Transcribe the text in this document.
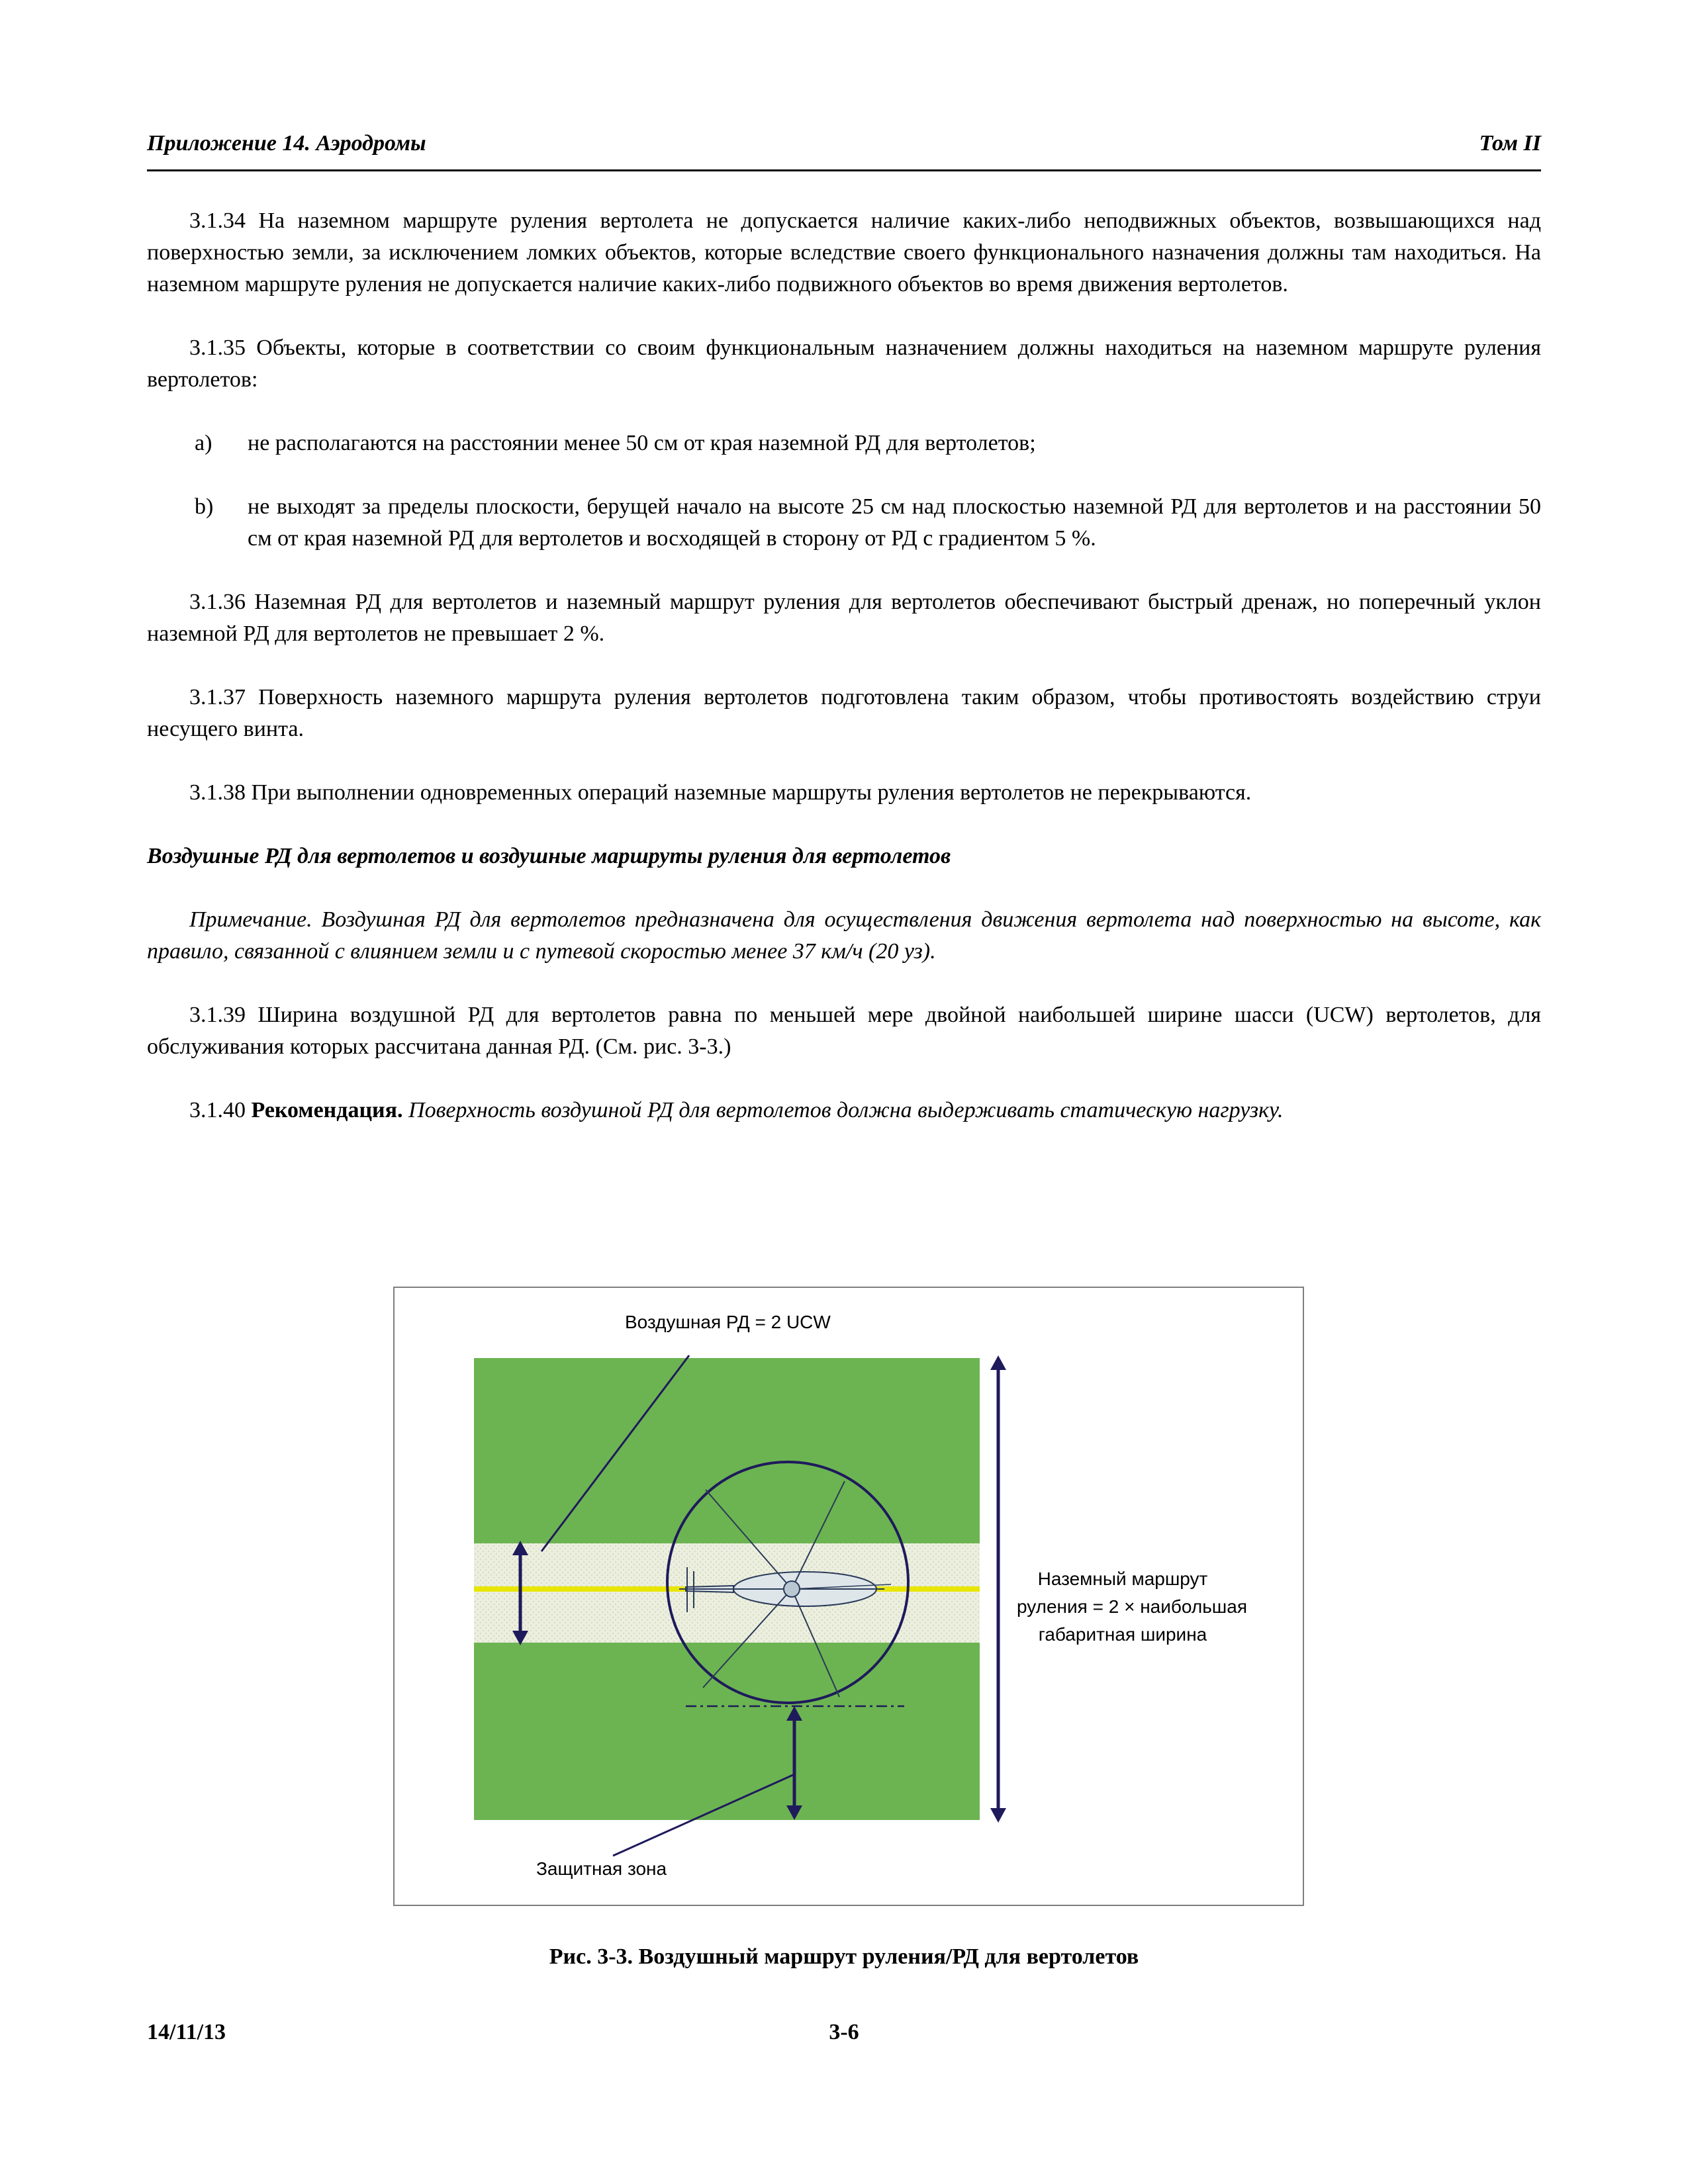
Приложение 14. Аэродромы	Том II

3.1.34 На наземном маршруте руления вертолета не допускается наличие каких-либо неподвижных объектов, возвышающихся над поверхностью земли, за исключением ломких объектов, которые вследствие своего функционального назначения должны там находиться. На наземном маршруте руления не допускается наличие каких-либо подвижного объектов во время движения вертолетов.

3.1.35 Объекты, которые в соответствии со своим функциональным назначением должны находиться на наземном маршруте руления вертолетов:

a) не располагаются на расстоянии менее 50 см от края наземной РД для вертолетов;
b) не выходят за пределы плоскости, берущей начало на высоте 25 см над плоскостью наземной РД для вертолетов и на расстоянии 50 см от края наземной РД для вертолетов и восходящей в сторону от РД с градиентом 5 %.

3.1.36 Наземная РД для вертолетов и наземный маршрут руления для вертолетов обеспечивают быстрый дренаж, но поперечный уклон наземной РД для вертолетов не превышает 2 %.

3.1.37 Поверхность наземного маршрута руления вертолетов подготовлена таким образом, чтобы противостоять воздействию струи несущего винта.

3.1.38 При выполнении одновременных операций наземные маршруты руления вертолетов не перекрываются.

Воздушные РД для вертолетов и воздушные маршруты руления для вертолетов

Примечание. Воздушная РД для вертолетов предназначена для осуществления движения вертолета над поверхностью на высоте, как правило, связанной с влиянием земли и с путевой скоростью менее 37 км/ч (20 уз).

3.1.39 Ширина воздушной РД для вертолетов равна по меньшей мере двойной наибольшей ширине шасси (UCW) вертолетов, для обслуживания которых рассчитана данная РД. (См. рис. 3-3.)

3.1.40 Рекомендация. Поверхность воздушной РД для вертолетов должна выдерживать статическую нагрузку.

Воздушная РД = 2 UCW
Наземный маршрут
руления = 2 × наибольшая
габаритная ширина
Защитная зона
Рис. 3-3. Воздушный маршрут руления/РД для вертолетов
14/11/13	3-6
